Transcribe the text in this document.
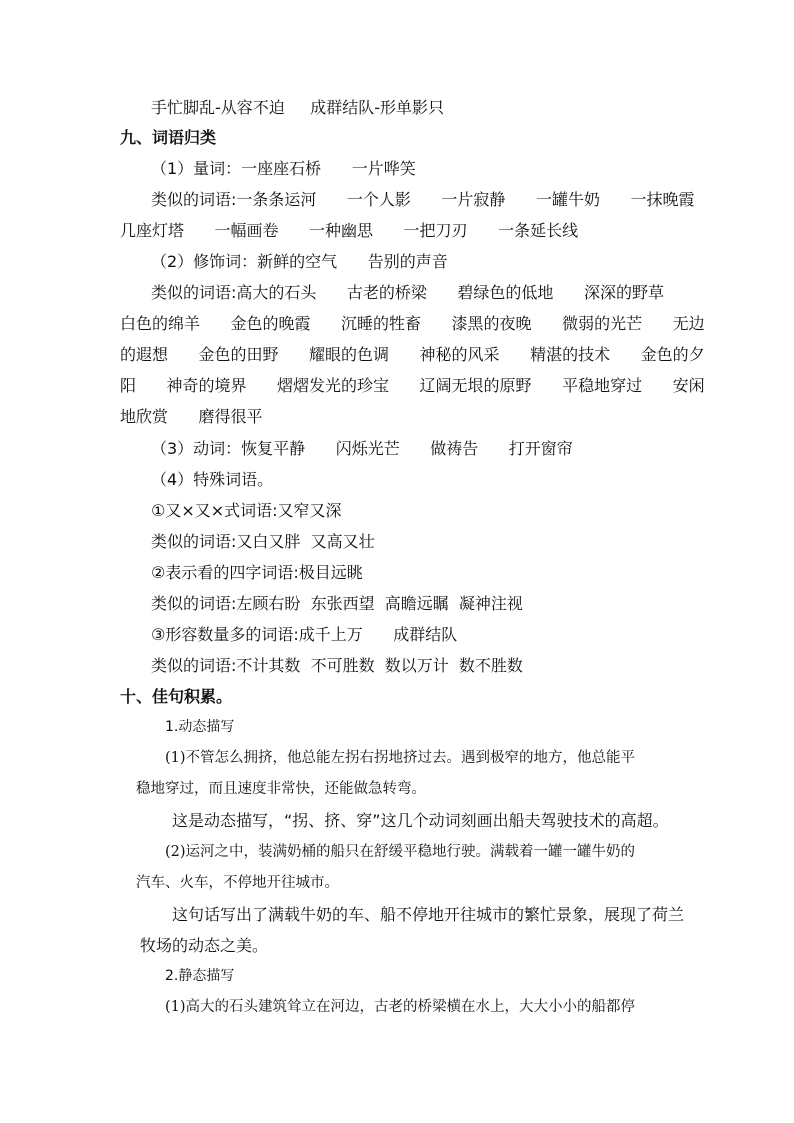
手忙脚乱-从容不迫     成群结队-形单影只
九、词语归类
（1）量词：一座座石桥      一片哗笑
类似的词语:一条条运河      一个人影      一片寂静      一罐牛奶      一抹晚霞
几座灯塔      一幅画卷      一种幽思      一把刀刃      一条延长线
（2）修饰词：新鲜的空气      告别的声音
类似的词语:高大的石头      古老的桥梁      碧绿色的低地      深深的野草
白色的绵羊      金色的晚霞      沉睡的牲畜      漆黑的夜晚      微弱的光芒      无边
的遐想      金色的田野      耀眼的色调      神秘的风采      精湛的技术      金色的夕
阳      神奇的境界      熠熠发光的珍宝      辽阔无垠的原野      平稳地穿过      安闲
地欣赏      磨得很平
（3）动词：恢复平静      闪烁光芒      做祷告      打开窗帘
（4）特殊词语。
①又×又×式词语:又窄又深
类似的词语:又白又胖  又高又壮
②表示看的四字词语:极目远眺
类似的词语:左顾右盼  东张西望  高瞻远瞩  凝神注视
③形容数量多的词语:成千上万      成群结队
类似的词语:不计其数  不可胜数  数以万计  数不胜数
十、佳句积累。
1.动态描写
(1)不管怎么拥挤，他总能左拐右拐地挤过去。遇到极窄的地方，他总能平
稳地穿过，而且速度非常快，还能做急转弯。
这是动态描写，“拐、挤、穿”这几个动词刻画出船夫驾驶技术的高超。
(2)运河之中，装满奶桶的船只在舒缓平稳地行驶。满载着一罐一罐牛奶的
汽车、火车，不停地开往城市。
这句话写出了满载牛奶的车、船不停地开往城市的繁忙景象，展现了荷兰
牧场的动态之美。
2.静态描写
(1)高大的石头建筑耸立在河边，古老的桥梁横在水上，大大小小的船都停
